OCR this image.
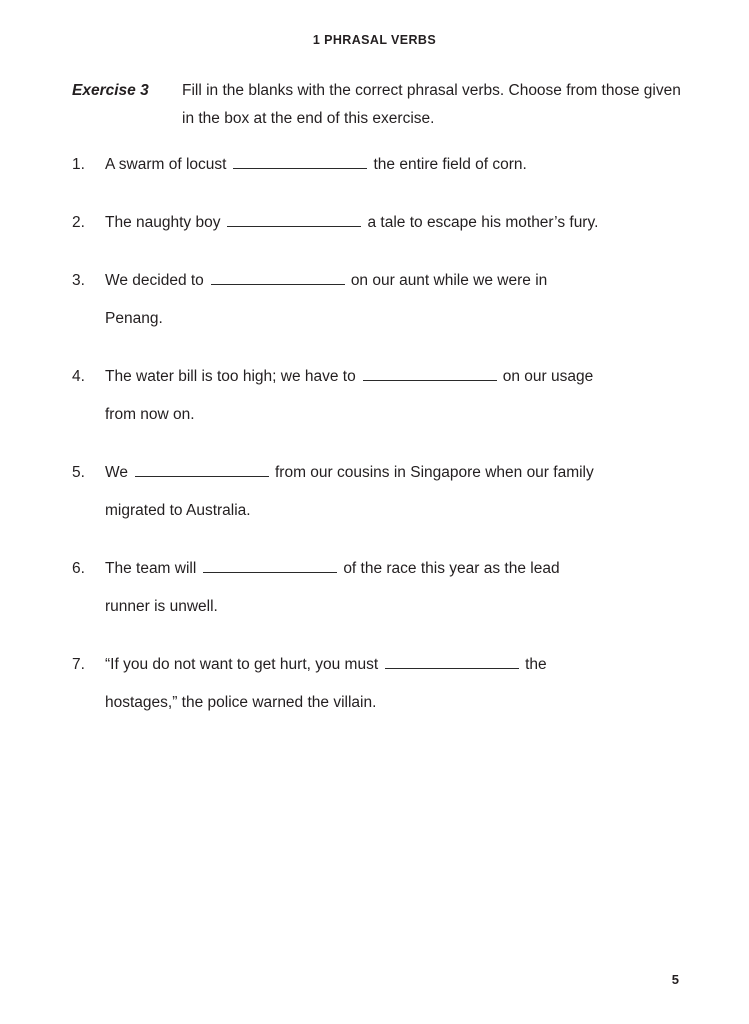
1 PHRASAL VERBS
Exercise 3	Fill in the blanks with the correct phrasal verbs. Choose from those given in the box at the end of this exercise.
1.	A swarm of locust	the entire field of corn.
2.	The naughty boy	a tale to escape his mother’s fury.
3.	We decided to	on our aunt while we were in
Penang.
4.	The water bill is too high; we have to	on our usage
from now on.
5.	We	from our cousins in Singapore when our family
migrated to Australia.
6.	The team will	of the race this year as the lead
runner is unwell.
7.	“If you do not want to get hurt, you must	the
hostages,” the police warned the villain.
5
